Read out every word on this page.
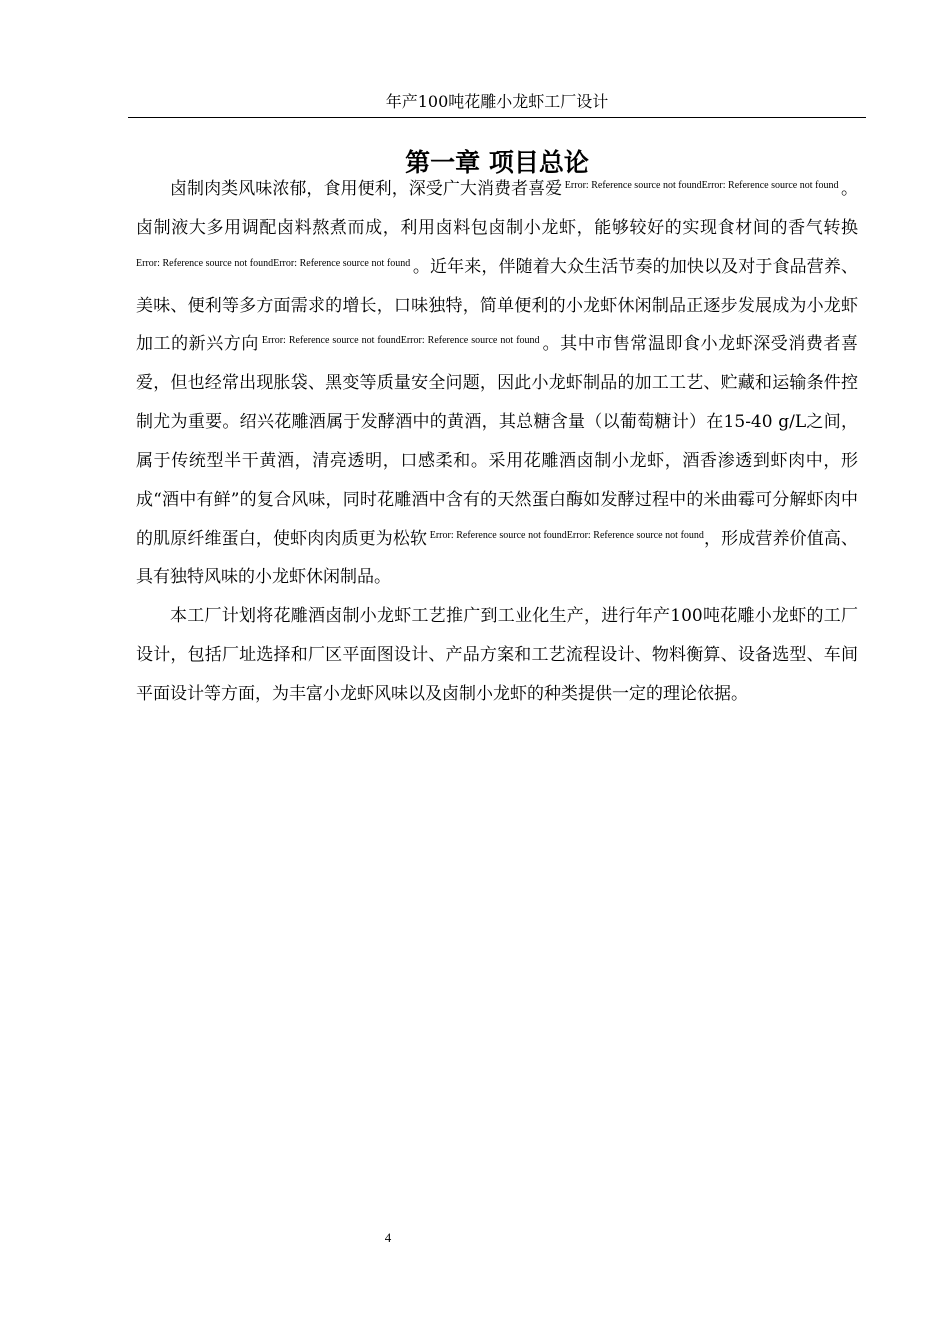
年产100吨花雕小龙虾工厂设计
第一章 项目总论

卤制肉类风味浓郁，食用便利，深受广大消费者喜爱 $^{Error: Reference source not foundError: Reference source not found}$ 。卤制液大多用调配卤料熬煮而成，利用卤料包卤制小龙虾，能够较好的实现食材间的香气转换 $^{Error: Reference source not foundError: Reference source not found}$ 。近年来，伴随着大众生活节奏的加快以及对于食品营养、美味、便利等多方面需求的增长，口味独特，简单便利的小龙虾休闲制品正逐步发展成为小龙虾加工的新兴方向 $^{Error: Reference source not foundError: Reference source not found}$ 。其中市售常温即食小龙虾深受消费者喜爱，但也经常出现胀袋、黑变等质量安全问题，因此小龙虾制品的加工工艺、贮藏和运输条件控制尤为重要。绍兴花雕酒属于发酵酒中的黄酒，其总糖含量（以葡萄糖计）在15-40 g/L之间，属于传统型半干黄酒，清亮透明，口感柔和。采用花雕酒卤制小龙虾，酒香渗透到虾肉中，形成“酒中有鲜”的复合风味，同时花雕酒中含有的天然蛋白酶如发酵过程中的米曲霉可分解虾肉中的肌原纤维蛋白，使虾肉肉质更为松软 $^{Error: Reference source not foundError: Reference source not found}$，形成营养价值高、具有独特风味的小龙虾休闲制品。

本工厂计划将花雕酒卤制小龙虾工艺推广到工业化生产，进行年产100吨花雕小龙虾的工厂设计，包括厂址选择和厂区平面图设计、产品方案和工艺流程设计、物料衡算、设备选型、车间平面设计等方面，为丰富小龙虾风味以及卤制小龙虾的种类提供一定的理论依据。

4
